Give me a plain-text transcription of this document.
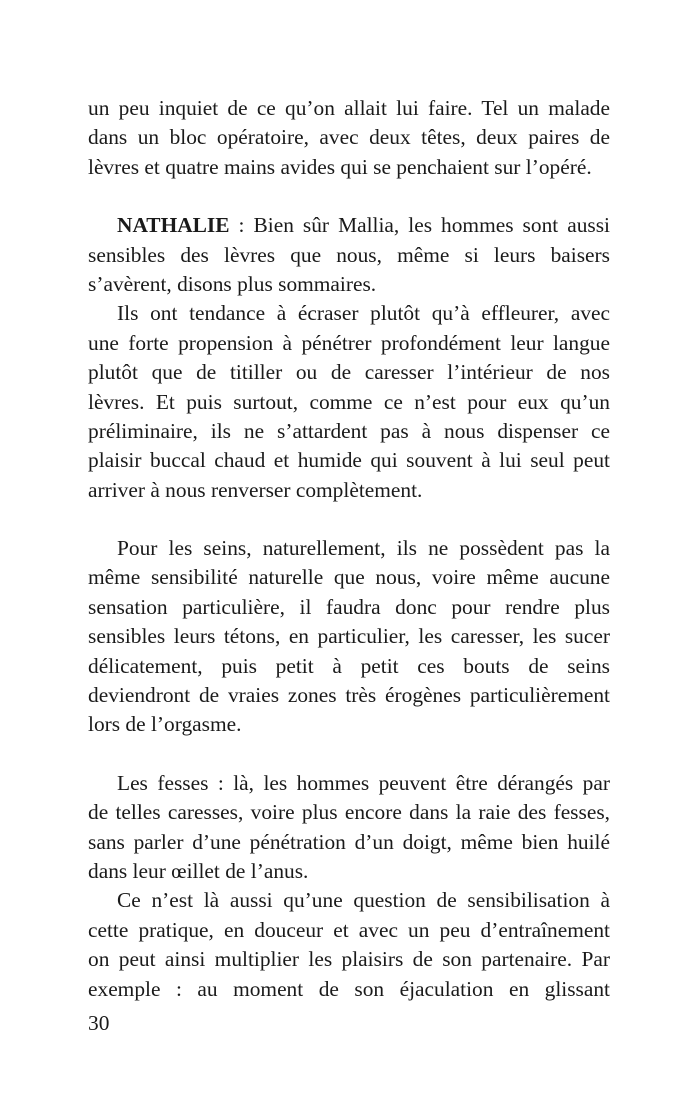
un peu inquiet de ce qu’on allait lui faire. Tel un malade
dans un bloc opératoire, avec deux têtes, deux paires de
lèvres et quatre mains avides qui se penchaient sur l’opéré.

NATHALIE : Bien sûr Mallia, les hommes sont aussi
sensibles des lèvres que nous, même si leurs baisers
s’avèrent, disons plus sommaires.

Ils ont tendance à écraser plutôt qu’à effleurer, avec
une forte propension à pénétrer profondément leur langue
plutôt que de titiller ou de caresser l’intérieur de nos
lèvres. Et puis surtout, comme ce n’est pour eux qu’un
préliminaire, ils ne s’attardent pas à nous dispenser ce
plaisir buccal chaud et humide qui souvent à lui seul peut
arriver à nous renverser complètement.

Pour les seins, naturellement, ils ne possèdent pas la
même sensibilité naturelle que nous, voire même aucune
sensation particulière, il faudra donc pour rendre plus
sensibles leurs tétons, en particulier, les caresser, les sucer
délicatement, puis petit à petit ces bouts de seins
deviendront de vraies zones très érogènes particulièrement
lors de l’orgasme.

Les fesses : là, les hommes peuvent être dérangés par
de telles caresses, voire plus encore dans la raie des fesses,
sans parler d’une pénétration d’un doigt, même bien huilé
dans leur œillet de l’anus.

Ce n’est là aussi qu’une question de sensibilisation à
cette pratique, en douceur et avec un peu d’entraînement
on peut ainsi multiplier les plaisirs de son partenaire. Par
exemple : au moment de son éjaculation en glissant

30
